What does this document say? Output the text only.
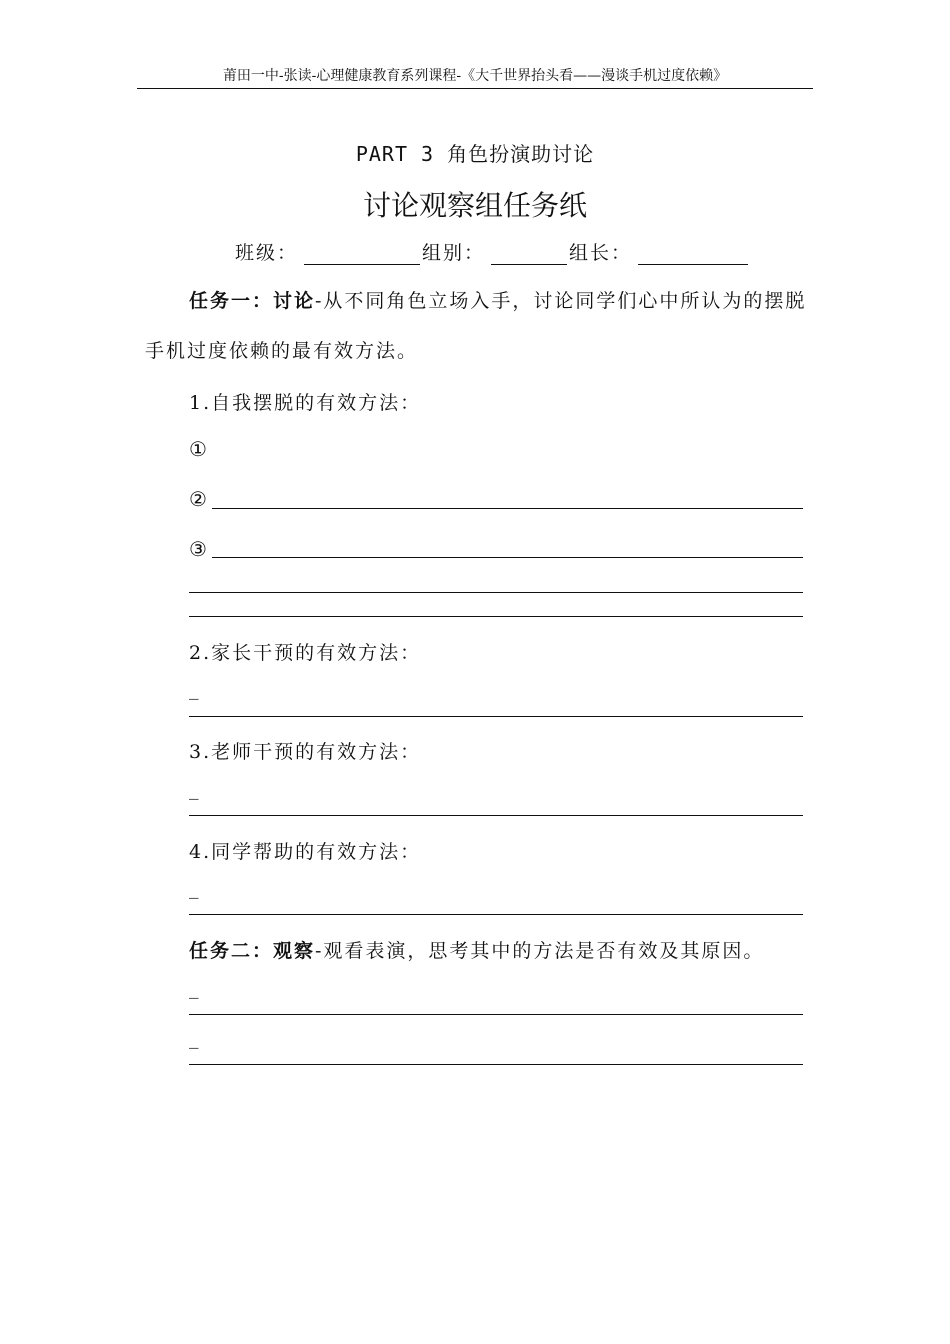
莆田一中-张读-心理健康教育系列课程-《大千世界抬头看——漫谈手机过度依赖》
PART 3 角色扮演助讨论
讨论观察组任务纸
班级：	组别：	组长：
任务一：讨论-从不同角色立场入手，讨论同学们心中所认为的摆脱手机过度依赖的最有效方法。
1.自我摆脱的有效方法：
①
②
③
2.家长干预的有效方法：
_
3.老师干预的有效方法：
_
4.同学帮助的有效方法：
_
任务二：观察-观看表演，思考其中的方法是否有效及其原因。
_
_
